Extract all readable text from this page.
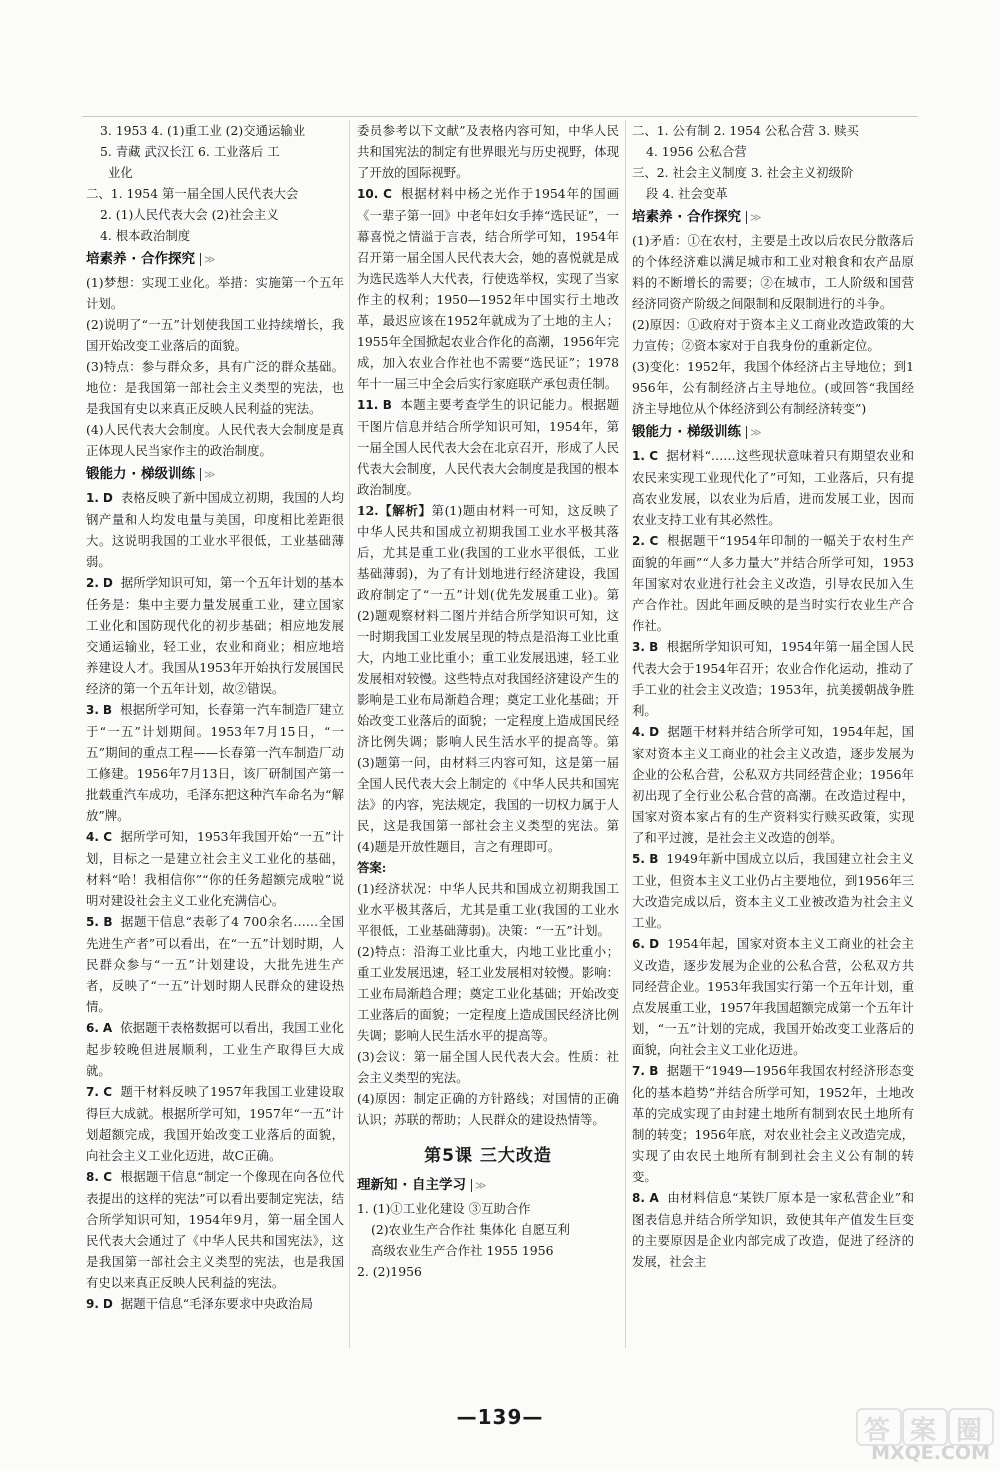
3. 1953 4. (1)重工业 (2)交通运输业

5. 青藏 武汉长江 6. 工业落后 工

业化

二、1. 1954 第一届全国人民代表大会

2. (1)人民代表大会 (2)社会主义

4. 根本政治制度

培素养 · 合作探究 ≫

(1)梦想：实现工业化。举措：实施第一个五年计划。

(2)说明了“一五”计划使我国工业持续增长，我国开始改变工业落后的面貌。

(3)特点：参与群众多，具有广泛的群众基础。地位：是我国第一部社会主义类型的宪法，也是我国有史以来真正反映人民利益的宪法。

(4)人民代表大会制度。人民代表大会制度是真正体现人民当家作主的政治制度。

锻能力 · 梯级训练 ≫

1. D 表格反映了新中国成立初期，我国的人均钢产量和人均发电量与美国，印度相比差距很大。这说明我国的工业水平很低，工业基础薄弱。

2. D 据所学知识可知，第一个五年计划的基本任务是：集中主要力量发展重工业，建立国家工业化和国防现代化的初步基础；相应地发展交通运输业，轻工业，农业和商业；相应地培养建设人才。我国从1953年开始执行发展国民经济的第一个五年计划，故②错误。

3. B 根据所学可知，长春第一汽车制造厂建立于“一五”计划期间。1953年7月15日，“一五”期间的重点工程——长春第一汽车制造厂动工修建。1956年7月13日，该厂研制国产第一批载重汽车成功，毛泽东把这种汽车命名为“解放”牌。

4. C 据所学可知，1953年我国开始“一五”计划，目标之一是建立社会主义工业化的基础，材料“哈！我相信你”“你的任务超额完成啦”说明对建设社会主义工业化充满信心。

5. B 据题干信息“表彰了4 700余名……全国先进生产者”可以看出，在“一五”计划时期，人民群众参与“一五”计划建设，大批先进生产者，反映了“一五”计划时期人民群众的建设热情。

6. A 依据题干表格数据可以看出，我国工业化起步较晚但进展顺利，工业生产取得巨大成就。

7. C 题干材料反映了1957年我国工业建设取得巨大成就。根据所学可知，1957年“一五”计划超额完成，我国开始改变工业落后的面貌，向社会主义工业化迈进，故C正确。

8. C 根据题干信息“制定一个像现在向各位代表提出的这样的宪法”可以看出要制定宪法，结合所学知识可知，1954年9月，第一届全国人民代表大会通过了《中华人民共和国宪法》，这是我国第一部社会主义类型的宪法，也是我国有史以来真正反映人民利益的宪法。

9. D 据题干信息“毛泽东要求中央政治局

委员参考以下文献”及表格内容可知，中华人民共和国宪法的制定有世界眼光与历史视野，体现了开放的国际视野。

10. C 根据材料中杨之光作于1954年的国画《一辈子第一回》中老年妇女手捧“选民证”，一幕喜悦之情溢于言表，结合所学可知，1954年召开第一届全国人民代表大会，她的喜悦就是成为选民选举人大代表，行使选举权，实现了当家作主的权利；1950—1952年中国实行土地改革，最迟应该在1952年就成为了土地的主人；1955年全国掀起农业合作化的高潮，1956年完成，加入农业合作社也不需要“选民证”；1978年十一届三中全会后实行家庭联产承包责任制。

11. B 本题主要考查学生的识记能力。根据题干图片信息并结合所学知识可知，1954年，第一届全国人民代表大会在北京召开，形成了人民代表大会制度，人民代表大会制度是我国的根本政治制度。

12.【解析】第(1)题由材料一可知，这反映了中华人民共和国成立初期我国工业水平极其落后，尤其是重工业(我国的工业水平很低，工业基础薄弱)，为了有计划地进行经济建设，我国政府制定了“一五”计划(优先发展重工业)。第(2)题观察材料二图片并结合所学知识可知，这一时期我国工业发展呈现的特点是沿海工业比重大，内地工业比重小；重工业发展迅速，轻工业发展相对较慢。这些特点对我国经济建设产生的影响是工业布局渐趋合理；奠定工业化基础；开始改变工业落后的面貌；一定程度上造成国民经济比例失调；影响人民生活水平的提高等。第(3)题第一问，由材料三内容可知，这是第一届全国人民代表大会上制定的《中华人民共和国宪法》的内容，宪法规定，我国的一切权力属于人民，这是我国第一部社会主义类型的宪法。第(4)题是开放性题目，言之有理即可。

答案:

(1)经济状况：中华人民共和国成立初期我国工业水平极其落后，尤其是重工业(我国的工业水平很低，工业基础薄弱)。决策：“一五”计划。

(2)特点：沿海工业比重大，内地工业比重小；重工业发展迅速，轻工业发展相对较慢。影响：工业布局渐趋合理；奠定工业化基础；开始改变工业落后的面貌；一定程度上造成国民经济比例失调；影响人民生活水平的提高等。

(3)会议：第一届全国人民代表大会。性质：社会主义类型的宪法。

(4)原因：制定正确的方针路线；对国情的正确认识；苏联的帮助；人民群众的建设热情等。

第5课 三大改造
理新知 · 自主学习 ≫

1. (1)①工业化建设 ③互助合作

(2)农业生产合作社 集体化 自愿互利

高级农业生产合作社 1955 1956

2. (2)1956

二、1. 公有制 2. 1954 公私合营 3. 赎买

4. 1956 公私合营

三、2. 社会主义制度 3. 社会主义初级阶

段 4. 社会变革

培素养 · 合作探究 ≫

(1)矛盾：①在农村，主要是土改以后农民分散落后的个体经济难以满足城市和工业对粮食和农产品原料的不断增长的需要；②在城市，工人阶级和国营经济同资产阶级之间限制和反限制进行的斗争。

(2)原因：①政府对于资本主义工商业改造政策的大力宣传；②资本家对于自我身份的重新定位。

(3)变化：1952年，我国个体经济占主导地位；到1956年，公有制经济占主导地位。(或回答“我国经济主导地位从个体经济到公有制经济转变”)

锻能力 · 梯级训练 ≫

1. C 据材料“……这些现状意味着只有期望农业和农民来实现工业现代化了”可知，工业落后，只有提高农业发展，以农业为后盾，进而发展工业，因而农业支持工业有其必然性。

2. C 根据题干“1954年印制的一幅关于农村生产面貌的年画”“人多力量大”并结合所学可知，1953年国家对农业进行社会主义改造，引导农民加入生产合作社。因此年画反映的是当时实行农业生产合作社。

3. B 根据所学知识可知，1954年第一届全国人民代表大会于1954年召开；农业合作化运动，推动了手工业的社会主义改造；1953年，抗美援朝战争胜利。

4. D 据题干材料并结合所学可知，1954年起，国家对资本主义工商业的社会主义改造，逐步发展为企业的公私合营，公私双方共同经营企业；1956年初出现了全行业公私合营的高潮。在改造过程中，国家对资本家占有的生产资料实行赎买政策，实现了和平过渡，是社会主义改造的创举。

5. B 1949年新中国成立以后，我国建立社会主义工业，但资本主义工业仍占主要地位，到1956年三大改造完成以后，资本主义工业被改造为社会主义工业。

6. D 1954年起，国家对资本主义工商业的社会主义改造，逐步发展为企业的公私合营，公私双方共同经营企业。1953年我国实行第一个五年计划，重点发展重工业，1957年我国超额完成第一个五年计划，“一五”计划的完成，我国开始改变工业落后的面貌，向社会主义工业化迈进。

7. B 据题干“1949—1956年我国农村经济形态变化的基本趋势”并结合所学可知，1952年，土地改革的完成实现了由封建土地所有制到农民土地所有制的转变；1956年底，对农业社会主义改造完成，实现了由农民土地所有制到社会主义公有制的转变。

8. A 由材料信息“某铁厂原本是一家私营企业”和图表信息并结合所学知识，致使其年产值发生巨变的主要原因是企业内部完成了改造，促进了经济的发展，社会主

—139—	答 案 圈
MXQE.COM
